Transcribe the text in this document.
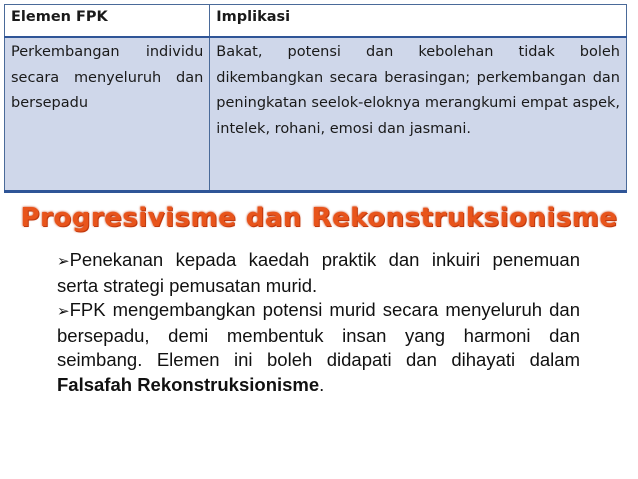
Elemen FPK	Implikasi
Perkembangan individu secara menyeluruh dan bersepadu	Bakat, potensi dan kebolehan tidak boleh dikembangkan secara berasingan; perkembangan dan peningkatan seelok-eloknya merangkumi empat aspek, intelek, rohani, emosi dan jasmani.
Progresivisme dan Rekonstruksionisme

➢Penekanan kepada kaedah praktik dan inkuiri penemuan serta strategi pemusatan murid.

➢FPK mengembangkan potensi murid secara menyeluruh dan bersepadu, demi membentuk insan yang harmoni dan seimbang. Elemen ini boleh didapati dan dihayati dalam Falsafah Rekonstruksionisme.
